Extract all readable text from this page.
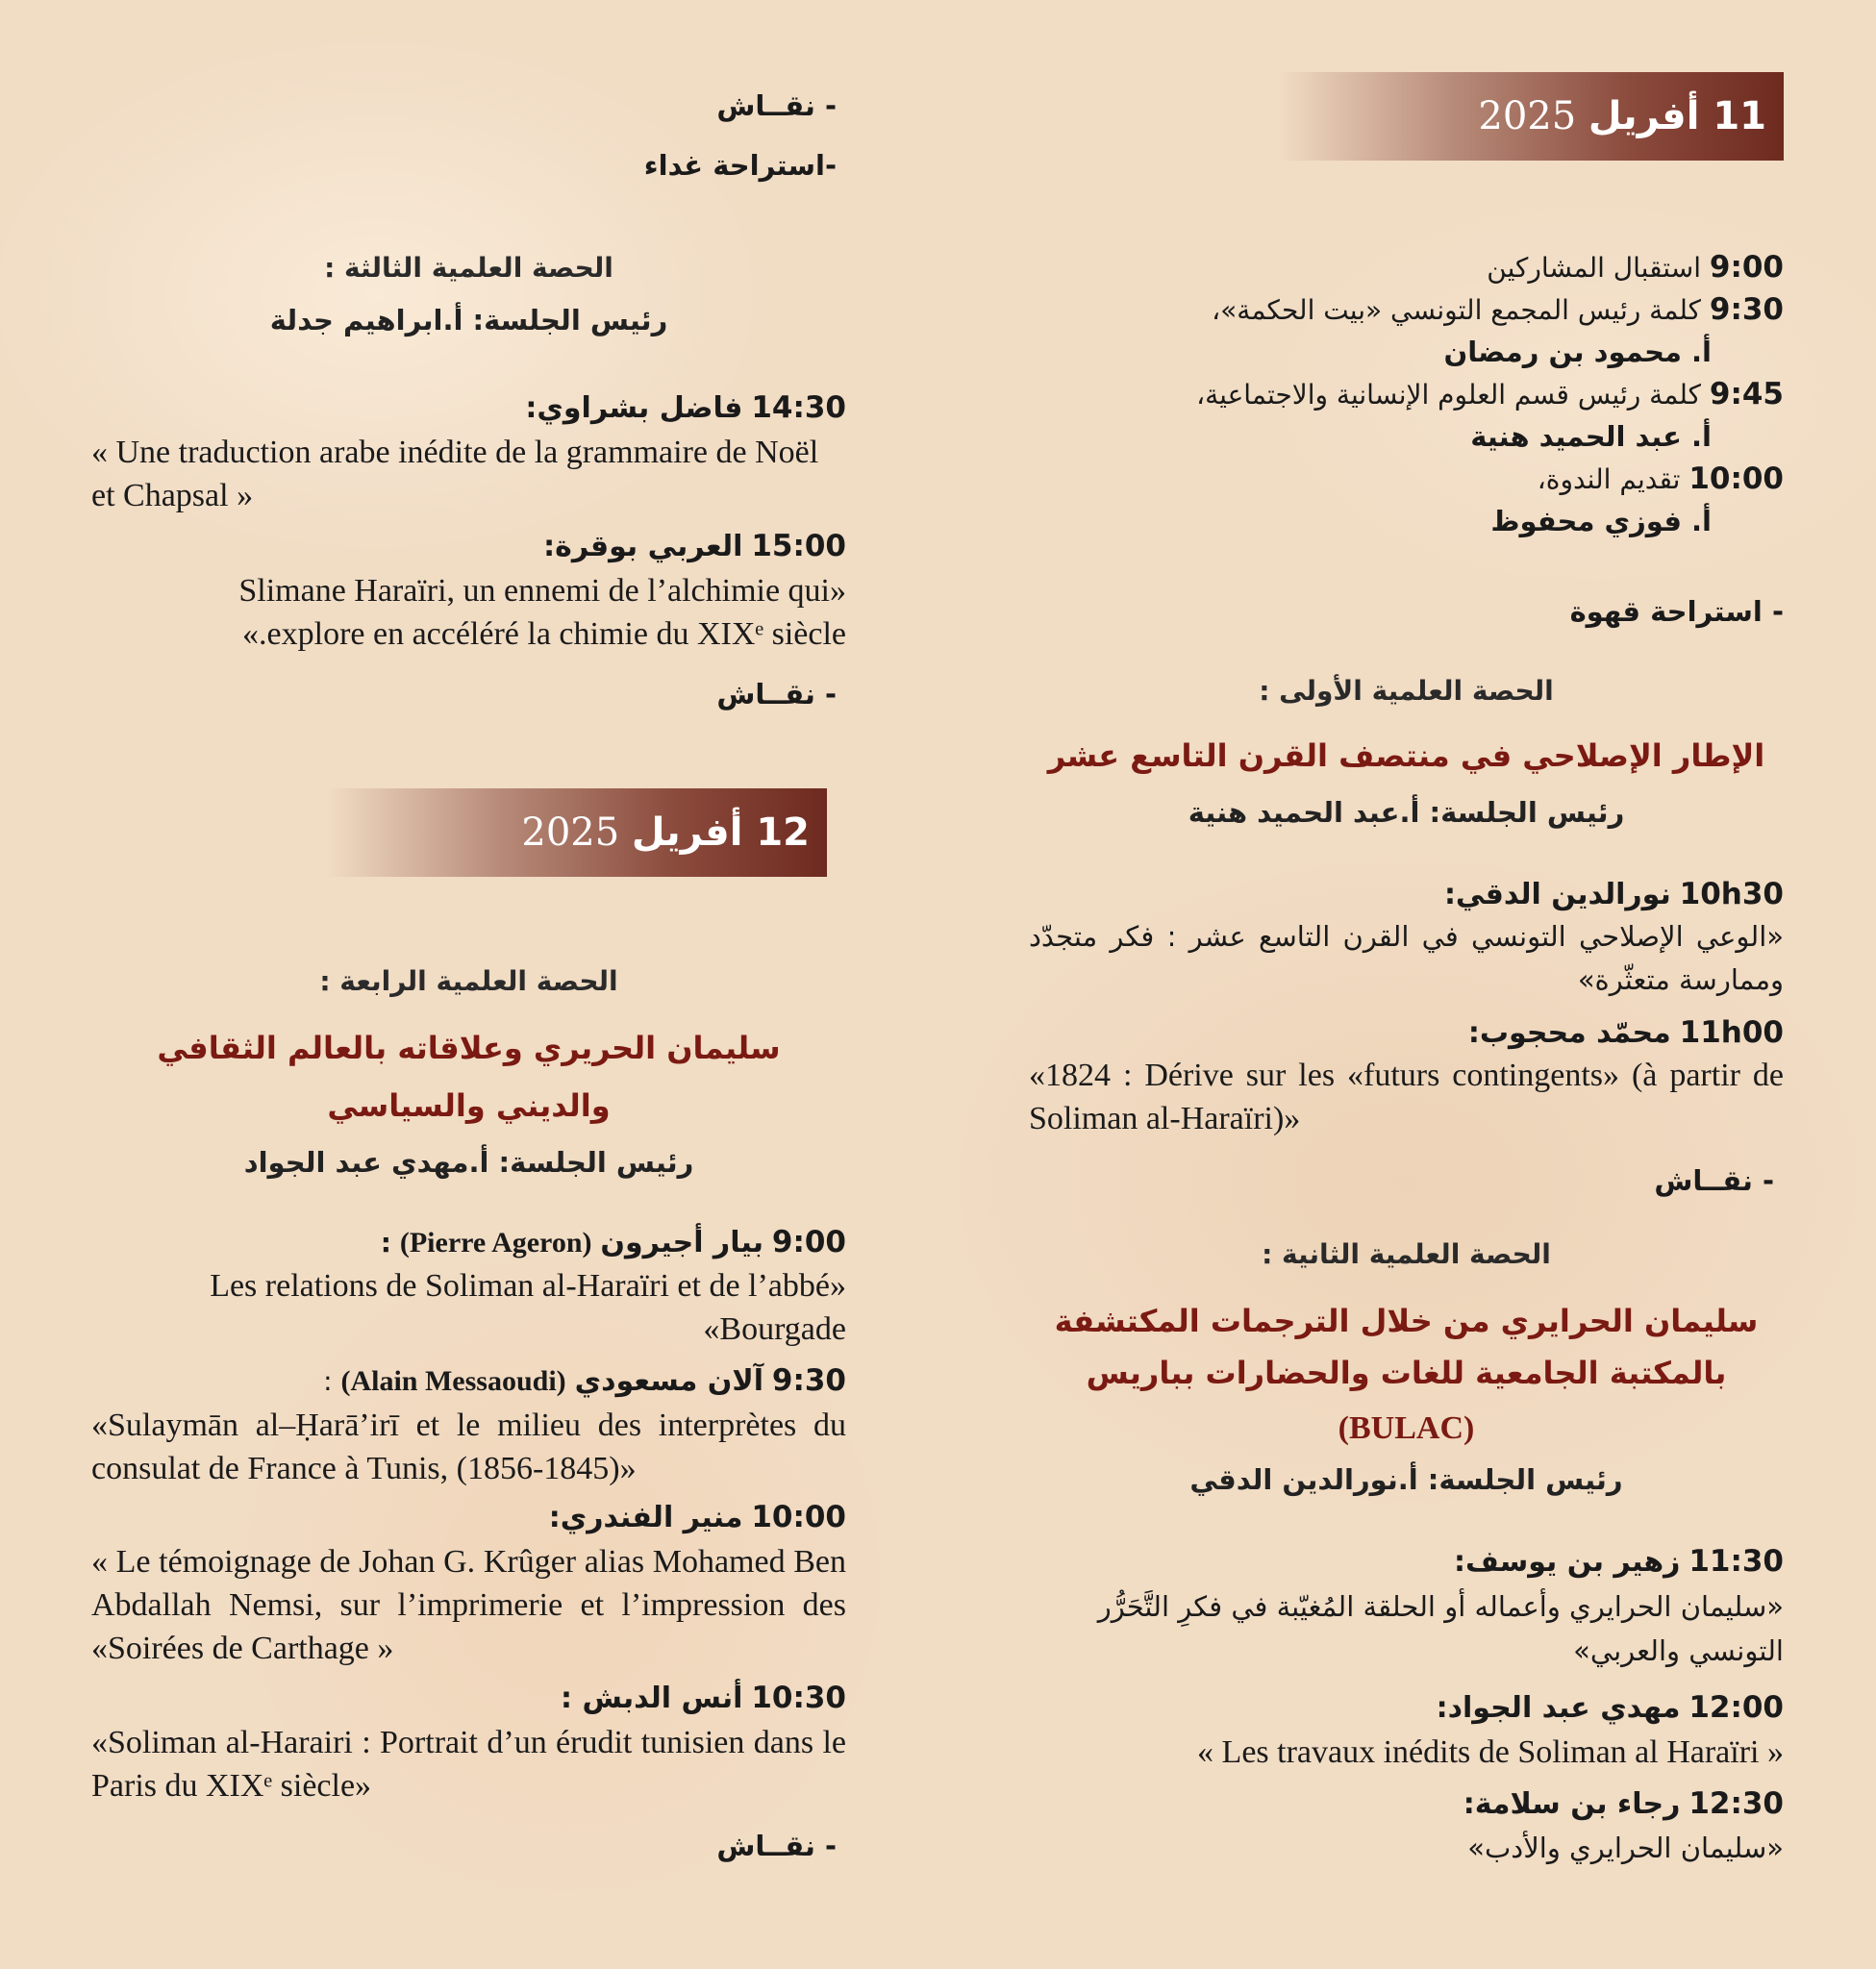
11 أفريل 2025
9:00 استقبال المشاركين
9:30 كلمة رئيس المجمع التونسي «بيت الحكمة»،
أ. محمود بن رمضان
9:45 كلمة رئيس قسم العلوم الإنسانية والاجتماعية،
أ. عبد الحميد هنية
10:00 تقديم الندوة،
أ. فوزي محفوظ
- استراحة قهوة
الحصة العلمية الأولى :
الإطار الإصلاحي في منتصف القرن التاسع عشر
رئيس الجلسة: أ.عبد الحميد هنية
10h30 نورالدين الدقي:
«الوعي الإصلاحي التونسي في القرن التاسع عشر : فكر متجدّد وممارسة متعثّرة»
11h00 محمّد محجوب:
«1824 : Dérive sur les «futurs contingents» (à partir de Soliman al-Haraïri)»
- نقــاش
الحصة العلمية الثانية :
سليمان الحرايري من خلال الترجمات المكتشفة
بالمكتبة الجامعية للغات والحضارات بباريس
(BULAC)
رئيس الجلسة: أ.نورالدين الدقي
11:30 زهير بن يوسف:
«سليمان الحرايري وأعماله أو الحلقة المُغيّبة في فكرِ التَّحَرُّر التونسي والعربي»
12:00 مهدي عبد الجواد:
« Les travaux inédits de Soliman al Haraïri »
12:30 رجاء بن سلامة:
«سليمان الحرايري والأدب»
- نقــاش
-استراحة غداء
الحصة العلمية الثالثة :
رئيس الجلسة: أ.ابراهيم جدلة
14:30 فاضل بشراوي:
« Une traduction arabe inédite de la grammaire de Noël et Chapsal »
15:00 العربي بوقرة:
Slimane Haraïri, un ennemi de l’alchimie qui»
«.explore en accéléré la chimie du XIXᵉ siècle
- نقــاش
12 أفريل 2025
الحصة العلمية الرابعة :
سليمان الحريري وعلاقاته بالعالم الثقافي
والديني والسياسي
رئيس الجلسة: أ.مهدي عبد الجواد
9:00 بيار أجيرون (Pierre Ageron) :
Les relations de Soliman al-Haraïri et de l’abbé»
«Bourgade
9:30 آلان مسعودي (Alain Messaoudi) :
«Sulaymān al–Ḥarā’irī et le milieu des interprètes du consulat de France à Tunis, (1856-1845)»
10:00 منير الفندري:
« Le témoignage de Johan G. Krûger alias Mohamed Ben Abdallah Nemsi, sur l’imprimerie et l’impression des «Soirées de Carthage »
10:30 أنس الدبش :
«Soliman al-Harairi : Portrait d’un érudit tunisien dans le Paris du XIXᵉ siècle»
- نقــاش
